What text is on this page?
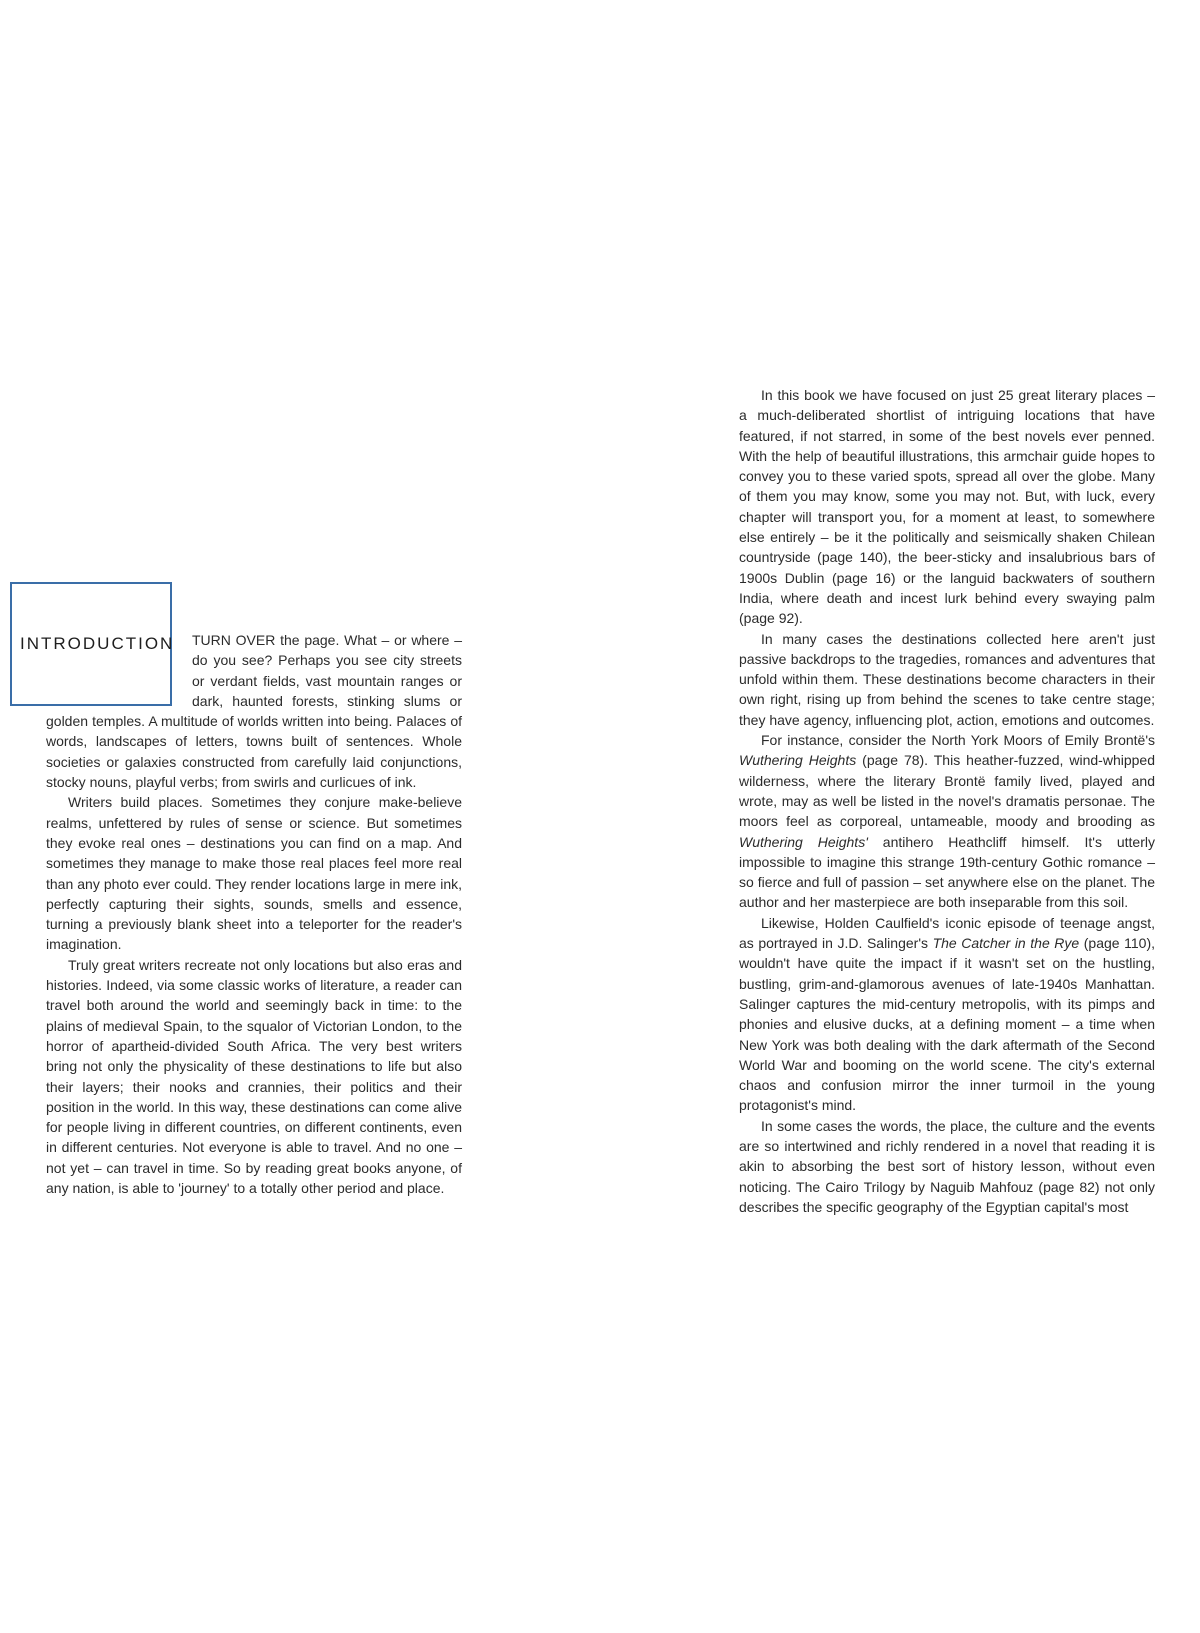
INTRODUCTION	TURN OVER the page. What – or where – do you see? Perhaps you see city streets or verdant fields, vast mountain ranges or dark, haunted forests, stinking slums or golden temples. A multitude of worlds written into being. Palaces of words, landscapes of letters, towns built of sentences. Whole societies or galaxies constructed from carefully laid conjunctions, stocky nouns, playful verbs; from swirls and curlicues of ink.

Writers build places. Sometimes they conjure make-believe realms, unfettered by rules of sense or science. But sometimes they evoke real ones – destinations you can find on a map. And sometimes they manage to make those real places feel more real than any photo ever could. They render locations large in mere ink, perfectly capturing their sights, sounds, smells and essence, turning a previously blank sheet into a teleporter for the reader's imagination.

Truly great writers recreate not only locations but also eras and histories. Indeed, via some classic works of literature, a reader can travel both around the world and seemingly back in time: to the plains of medieval Spain, to the squalor of Victorian London, to the horror of apartheid-divided South Africa. The very best writers bring not only the physicality of these destinations to life but also their layers; their nooks and crannies, their politics and their position in the world. In this way, these destinations can come alive for people living in different countries, on different continents, even in different centuries. Not everyone is able to travel. And no one – not yet – can travel in time. So by reading great books anyone, of any nation, is able to 'journey' to a totally other period and place.

In this book we have focused on just 25 great literary places – a much-deliberated shortlist of intriguing locations that have featured, if not starred, in some of the best novels ever penned. With the help of beautiful illustrations, this armchair guide hopes to convey you to these varied spots, spread all over the globe. Many of them you may know, some you may not. But, with luck, every chapter will transport you, for a moment at least, to somewhere else entirely – be it the politically and seismically shaken Chilean countryside (page 140), the beer-sticky and insalubrious bars of 1900s Dublin (page 16) or the languid backwaters of southern India, where death and incest lurk behind every swaying palm (page 92).

In many cases the destinations collected here aren't just passive backdrops to the tragedies, romances and adventures that unfold within them. These destinations become characters in their own right, rising up from behind the scenes to take centre stage; they have agency, influencing plot, action, emotions and outcomes.

For instance, consider the North York Moors of Emily Brontë's Wuthering Heights (page 78). This heather-fuzzed, wind-whipped wilderness, where the literary Brontë family lived, played and wrote, may as well be listed in the novel's dramatis personae. The moors feel as corporeal, untameable, moody and brooding as Wuthering Heights' antihero Heathcliff himself. It's utterly impossible to imagine this strange 19th-century Gothic romance – so fierce and full of passion – set anywhere else on the planet. The author and her masterpiece are both inseparable from this soil.

Likewise, Holden Caulfield's iconic episode of teenage angst, as portrayed in J.D. Salinger's The Catcher in the Rye (page 110), wouldn't have quite the impact if it wasn't set on the hustling, bustling, grim-and-glamorous avenues of late-1940s Manhattan. Salinger captures the mid-century metropolis, with its pimps and phonies and elusive ducks, at a defining moment – a time when New York was both dealing with the dark aftermath of the Second World War and booming on the world scene. The city's external chaos and confusion mirror the inner turmoil in the young protagonist's mind.

In some cases the words, the place, the culture and the events are so intertwined and richly rendered in a novel that reading it is akin to absorbing the best sort of history lesson, without even noticing. The Cairo Trilogy by Naguib Mahfouz (page 82) not only describes the specific geography of the Egyptian capital's most
